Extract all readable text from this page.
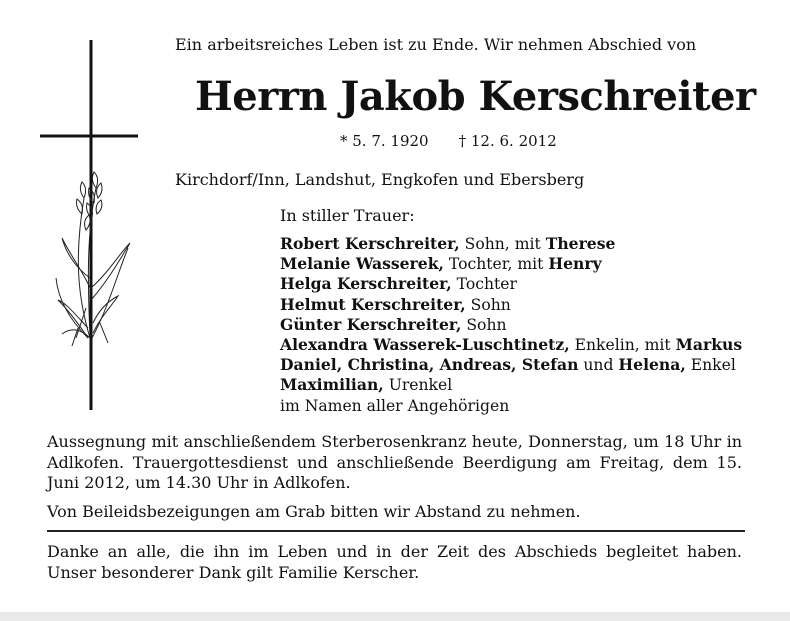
Ein arbeitsreiches Leben ist zu Ende. Wir nehmen Abschied von
Herrn Jakob Kerschreiter
* 5. 7. 1920 † 12. 6. 2012
Kirchdorf/Inn, Landshut, Engkofen und Ebersberg
In stiller Trauer:
Robert Kerschreiter, Sohn, mit Therese
Melanie Wasserek, Tochter, mit Henry
Helga Kerschreiter, Tochter
Helmut Kerschreiter, Sohn
Günter Kerschreiter, Sohn
Alexandra Wasserek-Luschtinetz, Enkelin, mit Markus
Daniel, Christina, Andreas, Stefan und Helena, Enkel
Maximilian, Urenkel
im Namen aller Angehörigen
Aussegnung mit anschließendem Sterberosenkranz heute, Donnerstag, um 18 Uhr in Adlkofen. Trauergottesdienst und anschließende Beerdigung am Freitag, dem 15. Juni 2012, um 14.30 Uhr in Adlkofen.
Von Beileidsbezeigungen am Grab bitten wir Abstand zu nehmen.
Danke an alle, die ihn im Leben und in der Zeit des Abschieds begleitet haben. Unser besonderer Dank gilt Familie Kerscher.
